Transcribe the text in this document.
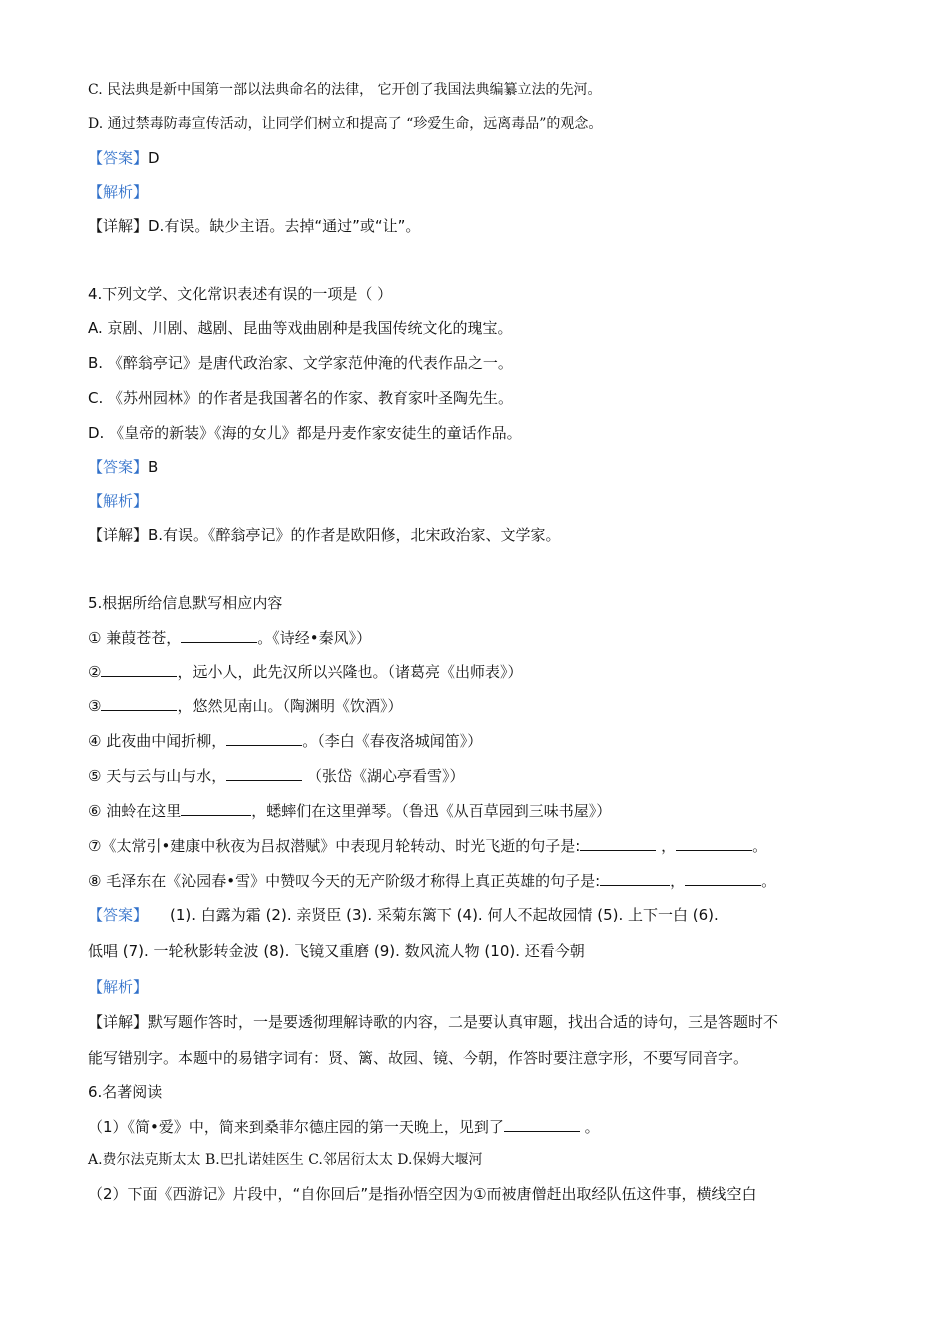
C. 民法典是新中国第一部以法典命名的法律， 它开创了我国法典编纂立法的先河。
D. 通过禁毒防毒宣传活动，让同学们树立和提高了 “珍爱生命，远离毒品”的观念。
【答案】D
【解析】
【详解】D.有误。缺少主语。去掉“通过”或“让”。
4.下列文学、文化常识表述有误的一项是（ ）
A. 京剧、川剧、越剧、昆曲等戏曲剧种是我国传统文化的瑰宝。
B. 《醉翁亭记》是唐代政治家、文学家范仲淹的代表作品之一。
C. 《苏州园林》的作者是我国著名的作家、教育家叶圣陶先生。
D. 《皇帝的新装》《海的女儿》都是丹麦作家安徒生的童话作品。
【答案】B
【解析】
【详解】B.有误。《醉翁亭记》的作者是欧阳修，北宋政治家、文学家。
5.根据所给信息默写相应内容
① 兼葭苍苍，	。《诗经•秦风》）
②	，远小人，此先汉所以兴隆也。（诸葛亮《出师表》）
③	，悠然见南山。（陶渊明《饮酒》）
④ 此夜曲中闻折柳，	。（李白《春夜洛城闻笛》）
⑤ 天与云与山与水，	（张岱《湖心亭看雪》）
⑥ 油蛉在这里	，蟋蟀们在这里弹琴。（鲁迅《从百草园到三味书屋》）
⑦《太常引•建康中秋夜为吕叔潜赋》中表现月轮转动、时光飞逝的句子是:	，	。
⑧ 毛泽东在《沁园春•雪》中赞叹今天的无产阶级才称得上真正英雄的句子是:	，	。
【答案】 (1). 白露为霜 (2). 亲贤臣 (3). 采菊东篱下 (4). 何人不起故园情 (5). 上下一白 (6).
低唱 (7). 一轮秋影转金波 (8). 飞镜又重磨 (9). 数风流人物 (10). 还看今朝
【解析】
【详解】默写题作答时，一是要透彻理解诗歌的内容，二是要认真审题，找出合适的诗句，三是答题时不
能写错别字。本题中的易错字词有：贤、篱、故园、镜、今朝，作答时要注意字形，不要写同音字。
6.名著阅读
（1）《简•爱》中，简来到桑菲尔德庄园的第一天晚上，见到了	。
A.费尔法克斯太太 B.巴扎诺娃医生 C.邻居衍太太 D.保姆大堰河
（2）下面《西游记》片段中，“自你回后”是指孙悟空因为①而被唐僧赶出取经队伍这件事，横线空白
